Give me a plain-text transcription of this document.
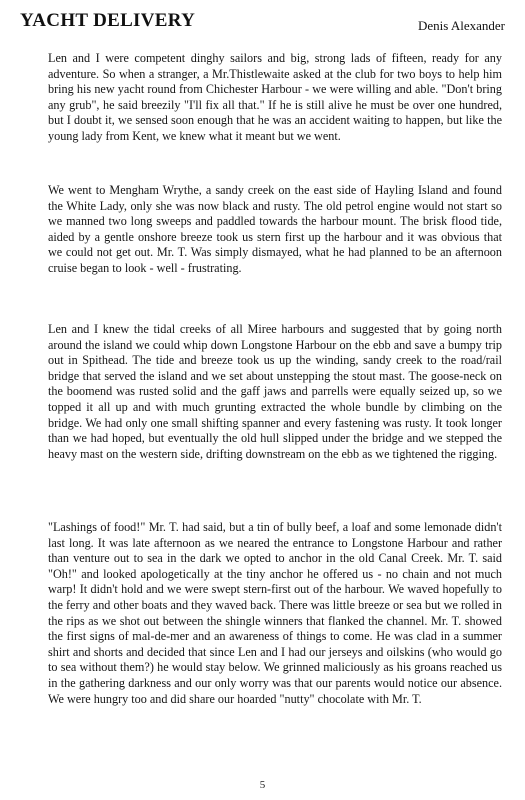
YACHT DELIVERY	Denis Alexander

Len and I were competent dinghy sailors and big, strong lads of fifteen, ready for any adventure. So when a stranger, a Mr.Thistlewaite asked at the club for two boys to help him bring his new yacht round from Chichester Harbour - we were willing and able. "Don't bring any grub", he said breezily "I'll fix all that." If he is still alive he must be over one hundred, but I doubt it, we sensed soon enough that he was an accident waiting to happen, but like the young lady from Kent, we knew what it meant but we went.

We went to Mengham Wrythe, a sandy creek on the east side of Hayling Island and found the White Lady, only she was now black and rusty. The old petrol engine would not start so we manned two long sweeps and paddled towards the harbour mount. The brisk flood tide, aided by a gentle onshore breeze took us stern first up the harbour and it was obvious that we could not get out. Mr. T. Was simply dismayed, what he had planned to be an afternoon cruise began to look - well - frustrating.

Len and I knew the tidal creeks of all Miree harbours and suggested that by going north around the island we could whip down Longstone Harbour on the ebb and save a bumpy trip out in Spithead. The tide and breeze took us up the winding, sandy creek to the road/rail bridge that served the island and we set about unstepping the stout mast. The goose-neck on the boomend was rusted solid and the gaff jaws and parrells were equally seized up, so we topped it all up and with much grunting extracted the whole bundle by climbing on the bridge. We had only one small shifting spanner and every fastening was rusty. It took longer than we had hoped, but eventually the old hull slipped under the bridge and we stepped the heavy mast on the western side, drifting downstream on the ebb as we tightened the rigging.

"Lashings of food!" Mr. T. had said, but a tin of bully beef, a loaf and some lemonade didn't last long. It was late afternoon as we neared the entrance to Longstone Harbour and rather than venture out to sea in the dark we opted to anchor in the old Canal Creek. Mr. T. said "Oh!" and looked apologetically at the tiny anchor he offered us - no chain and not much warp! It didn't hold and we were swept stern-first out of the harbour. We waved hopefully to the ferry and other boats and they waved back. There was little breeze or sea but we rolled in the rips as we shot out between the shingle winners that flanked the channel. Mr. T. showed the first signs of mal-de-mer and an awareness of things to come. He was clad in a summer shirt and shorts and decided that since Len and I had our jerseys and oilskins (who would go to sea without them?) he would stay below. We grinned maliciously as his groans reached us in the gathering darkness and our only worry was that our parents would notice our absence. We were hungry too and did share our hoarded "nutty" chocolate with Mr. T.

5
